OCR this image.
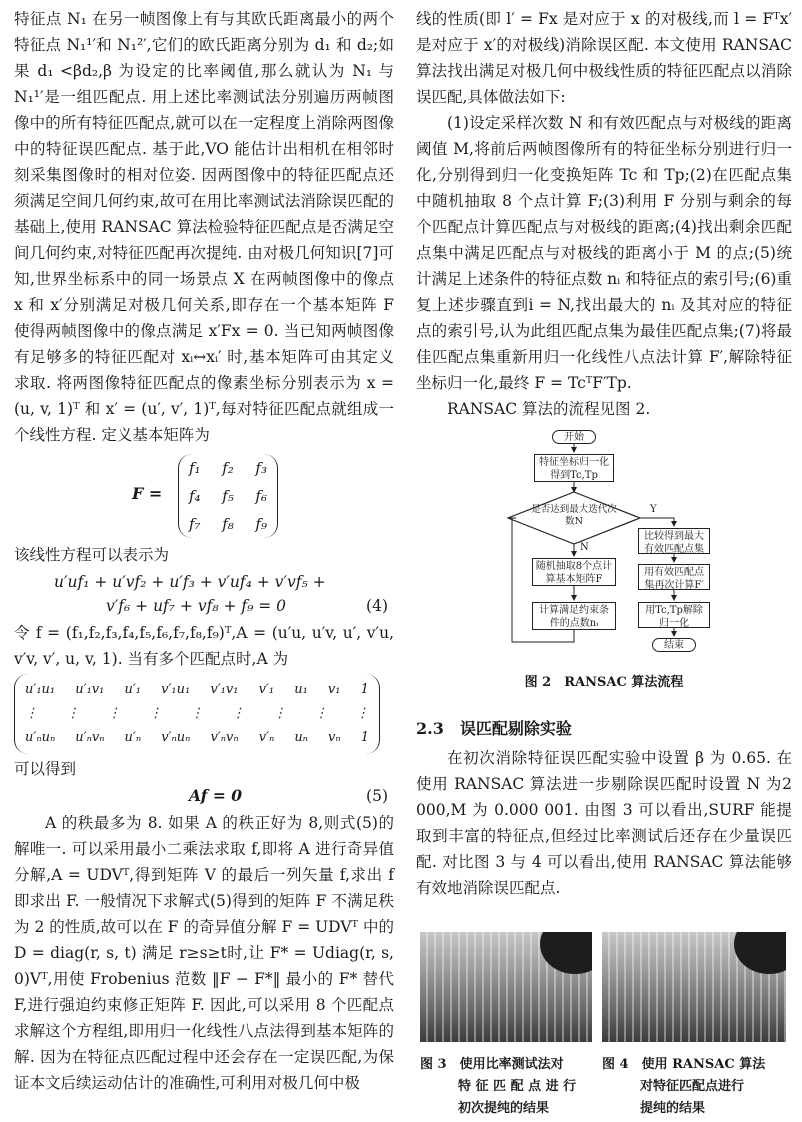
特征点 N₁ 在另一帧图像上有与其欧氏距离最小的两个特征点 N₁¹′和 N₁²′,它们的欧氏距离分别为 d₁ 和 d₂;如果 d₁ <βd₂,β 为设定的比率阈值,那么就认为 N₁ 与 N₁¹′是一组匹配点. 用上述比率测试法分别遍历两帧图像中的所有特征匹配点,就可以在一定程度上消除两图像中的特征误匹配点. 基于此,VO 能估计出相机在相邻时刻采集图像时的相对位姿. 因两图像中的特征匹配点还须满足空间几何约束,故可在用比率测试法消除误匹配的基础上,使用 RANSAC 算法检验特征匹配点是否满足空间几何约束,对特征匹配再次提纯. 由对极几何知识[7]可知,世界坐标系中的同一场景点 X 在两帧图像中的像点 x 和 x′分别满足对极几何关系,即存在一个基本矩阵 F 使得两帧图像中的像点满足 x′Fx = 0. 当已知两帧图像有足够多的特征匹配对 xᵢ↔xᵢ′ 时,基本矩阵可由其定义求取. 将两图像特征匹配点的像素坐标分别表示为 x = (u, v, 1)ᵀ 和 x′ = (u′, v′, 1)ᵀ,每对特征匹配点就组成一个线性方程. 定义基本矩阵为

F =
f₁ f₂ f₃
f₄ f₅ f₆
f₇ f₈ f₉

该线性方程可以表示为

u′uf₁ + u′vf₂ + u′f₃ + v′uf₄ + v′vf₅ +
v′f₆ + uf₇ + vf₈ + f₉ = 0	(4)

令 f = (f₁,f₂,f₃,f₄,f₅,f₆,f₇,f₈,f₉)ᵀ,A = (u′u, u′v, u′, v′u, v′v, v′, u, v, 1). 当有多个匹配点时,A 为

u′₁u₁ u′₁v₁ u′₁ v′₁u₁ v′₁v₁ v′₁ u₁ v₁ 1
⋮ ⋮ ⋮ ⋮ ⋮ ⋮ ⋮ ⋮ ⋮
u′ₙuₙ u′ₙvₙ u′ₙ v′ₙuₙ v′ₙvₙ v′ₙ uₙ vₙ 1

可以得到

Af = 0	(5)

A 的秩最多为 8. 如果 A 的秩正好为 8,则式(5)的解唯一. 可以采用最小二乘法求取 f,即将 A 进行奇异值分解,A = UDVᵀ,得到矩阵 V 的最后一列矢量 f,求出 f 即求出 F. 一般情况下求解式(5)得到的矩阵 F 不满足秩为 2 的性质,故可以在 F 的奇异值分解 F = UDVᵀ 中的 D = diag(r, s, t) 满足 r≥s≥t时,让 F* = Udiag(r, s, 0)Vᵀ,用使 Frobenius 范数 ‖F − F*‖ 最小的 F* 替代 F,进行强迫约束修正矩阵 F. 因此,可以采用 8 个匹配点求解这个方程组,即用归一化线性八点法得到基本矩阵的解. 因为在特征点匹配过程中还会存在一定误匹配,为保证本文后续运动估计的准确性,可利用对极几何中极

线的性质(即 l′ = Fx 是对应于 x 的对极线,而 l = Fᵀx′是对应于 x′的对极线)消除误区配. 本文使用 RANSAC 算法找出满足对极几何中极线性质的特征匹配点以消除误匹配,具体做法如下:

(1)设定采样次数 N 和有效匹配点与对极线的距离阈值 M,将前后两帧图像所有的特征坐标分别进行归一化,分别得到归一化变换矩阵 Tc 和 Tp;(2)在匹配点集中随机抽取 8 个点计算 F;(3)利用 F 分别与剩余的每个匹配点计算匹配点与对极线的距离;(4)找出剩余匹配点集中满足匹配点与对极线的距离小于 M 的点;(5)统计满足上述条件的特征点数 nᵢ 和特征点的索引号;(6)重复上述步骤直到i = N,找出最大的 nᵢ 及其对应的特征点的索引号,认为此组匹配点集为最佳匹配点集;(7)将最佳匹配点集重新用归一化线性八点法计算 F′,解除特征坐标归一化,最终 F = TcᵀF′Tp.

RANSAC 算法的流程见图 2.

开始
特征坐标归一化得到Tc,Tp
是否达到最大迭代次数N
Y
N
随机抽取8个点计算基本矩阵F
计算满足约束条件的点数nᵢ
比较得到最大有效匹配点集
用有效匹配点集再次计算F′
用Tc,Tp解除归一化
结束
图 2　RANSAC 算法流程
2.3　误匹配剔除实验

在初次消除特征误匹配实验中设置 β 为 0.65. 在使用 RANSAC 算法进一步剔除误匹配时设置 N 为2 000,M 为 0.000 001. 由图 3 可以看出,SURF 能提取到丰富的特征点,但经过比率测试后还存在少量误匹配. 对比图 3 与 4 可以看出,使用 RANSAC 算法能够有效地消除误匹配点.

图 3　使用比率测试法对
特 征 匹 配 点 进 行
初次提纯的结果
图 4　使用 RANSAC 算法
对特征匹配点进行
提纯的结果
